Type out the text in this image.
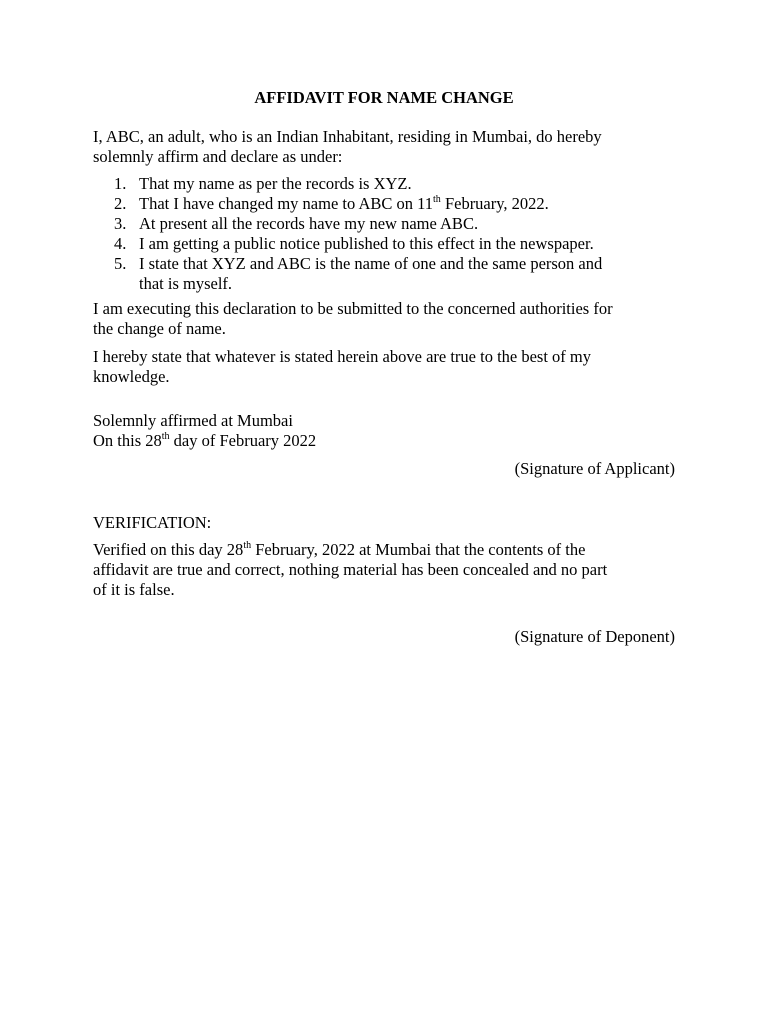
AFFIDAVIT FOR NAME CHANGE
I, ABC, an adult, who is an Indian Inhabitant, residing in Mumbai, do hereby
solemnly affirm and declare as under:
1. That my name as per the records is XYZ.
2. That I have changed my name to ABC on 11th February, 2022.
3. At present all the records have my new name ABC.
4. I am getting a public notice published to this effect in the newspaper.
5. I state that XYZ and ABC is the name of one and the same person and
that is myself.
I am executing this declaration to be submitted to the concerned authorities for
the change of name.
I hereby state that whatever is stated herein above are true to the best of my
knowledge.
Solemnly affirmed at Mumbai
On this 28th day of February 2022
(Signature of Applicant)
VERIFICATION:
Verified on this day 28th February, 2022 at Mumbai that the contents of the
affidavit are true and correct, nothing material has been concealed and no part
of it is false.
(Signature of Deponent)
